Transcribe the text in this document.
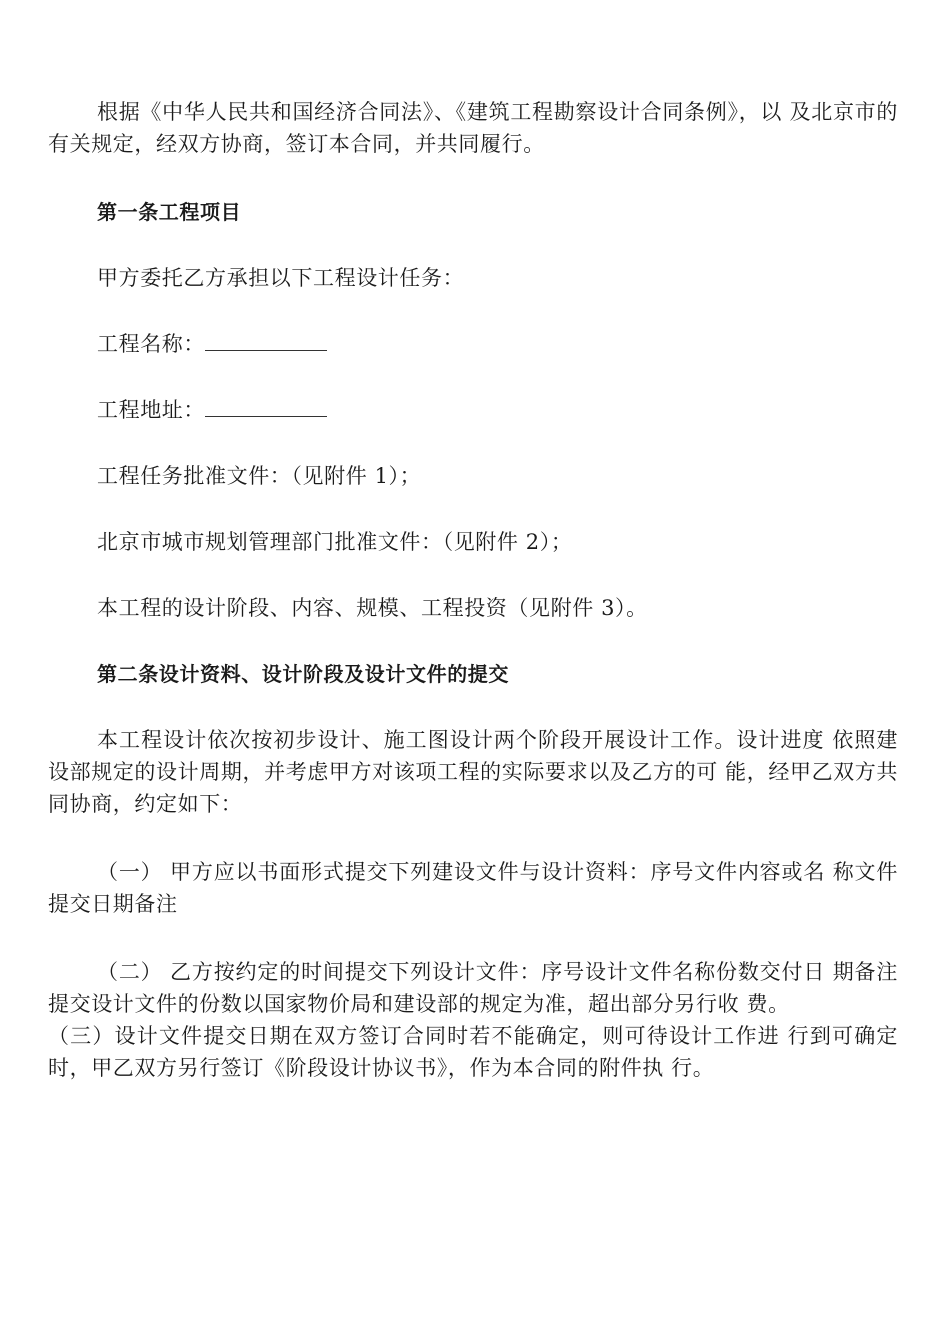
根据《中华人民共和国经济合同法》、《建筑工程勘察设计合同条例》，以 及北京市的有关规定，经双方协商，签订本合同，并共同履行。

第一条工程项目

甲方委托乙方承担以下工程设计任务：

工程名称：

工程地址：

工程任务批准文件：（见附件 1）；

北京市城市规划管理部门批准文件：（见附件 2）；

本工程的设计阶段、内容、规模、工程投资（见附件 3）。

第二条设计资料、设计阶段及设计文件的提交

本工程设计依次按初步设计、施工图设计两个阶段开展设计工作。设计进度 依照建设部规定的设计周期，并考虑甲方对该项工程的实际要求以及乙方的可 能，经甲乙双方共同协商，约定如下：

（一） 甲方应以书面形式提交下列建设文件与设计资料：序号文件内容或名 称文件提交日期备注

（二） 乙方按约定的时间提交下列设计文件：序号设计文件名称份数交付日 期备注提交设计文件的份数以国家物价局和建设部的规定为准，超出部分另行收 费。

（三）设计文件提交日期在双方签订合同时若不能确定，则可待设计工作进 行到可确定时，甲乙双方另行签订《阶段设计协议书》，作为本合同的附件执 行。
